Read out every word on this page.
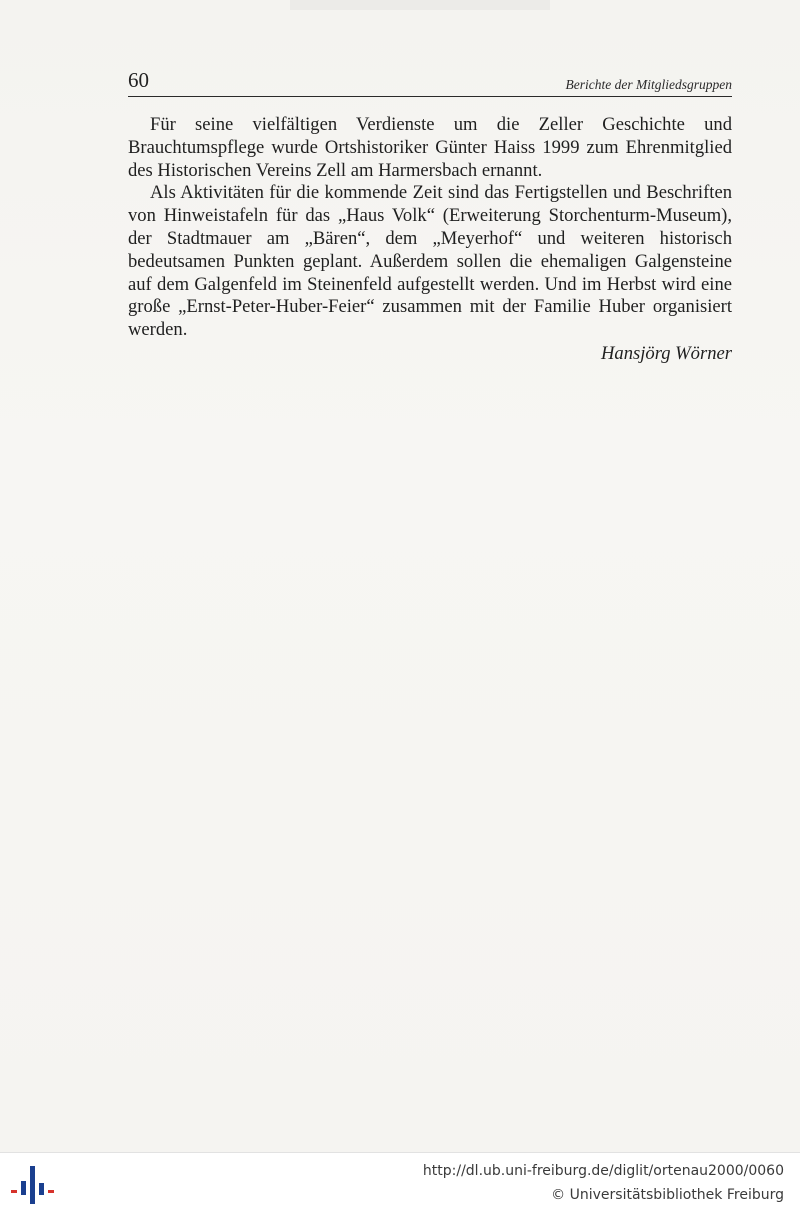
60	Berichte der Mitgliedsgruppen

Für seine vielfältigen Verdienste um die Zeller Geschichte und Brauchtumspflege wurde Ortshistoriker Günter Haiss 1999 zum Ehrenmitglied des Historischen Vereins Zell am Harmersbach ernannt.

Als Aktivitäten für die kommende Zeit sind das Fertigstellen und Beschriften von Hinweistafeln für das „Haus Volk“ (Erweiterung Storchenturm-Museum), der Stadtmauer am „Bären“, dem „Meyerhof“ und weiteren historisch bedeutsamen Punkten geplant. Außerdem sollen die ehemaligen Galgensteine auf dem Galgenfeld im Steinenfeld aufgestellt werden. Und im Herbst wird eine große „Ernst-Peter-Huber-Feier“ zusammen mit der Familie Huber organisiert werden.

Hansjörg Wörner

http://dl.ub.uni-freiburg.de/diglit/ortenau2000/0060
© Universitätsbibliothek Freiburg
